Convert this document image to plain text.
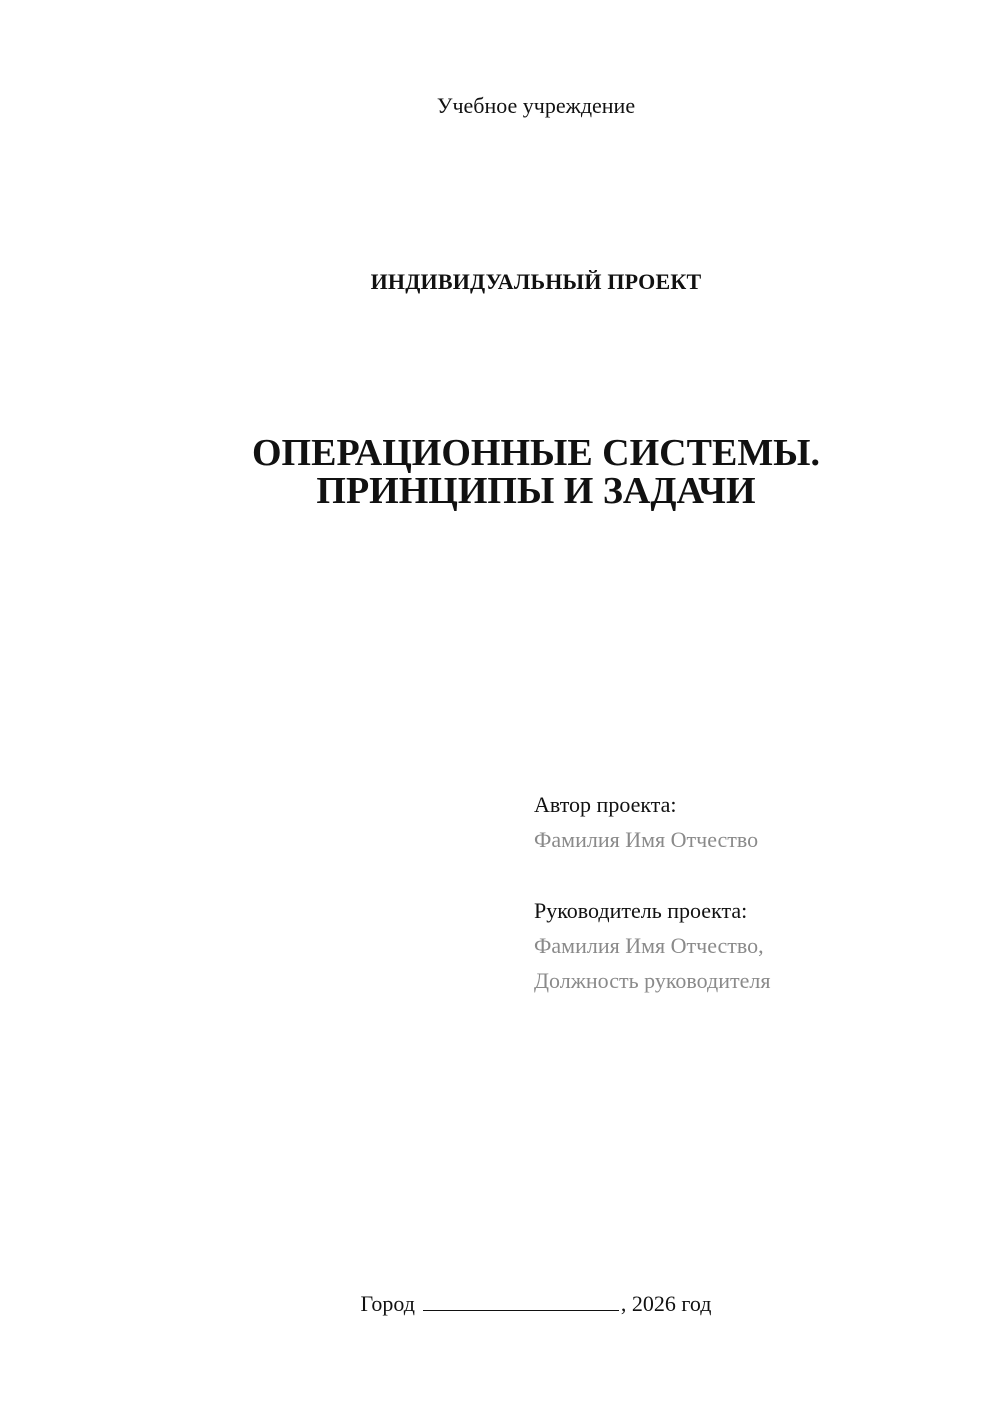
Учебное учреждение
ИНДИВИДУАЛЬНЫЙ ПРОЕКТ
ОПЕРАЦИОННЫЕ СИСТЕМЫ.
ПРИНЦИПЫ И ЗАДАЧИ
Автор проекта:
Фамилия Имя Отчество
Руководитель проекта:
Фамилия Имя Отчество,
Должность руководителя
Город	, 2026 год
